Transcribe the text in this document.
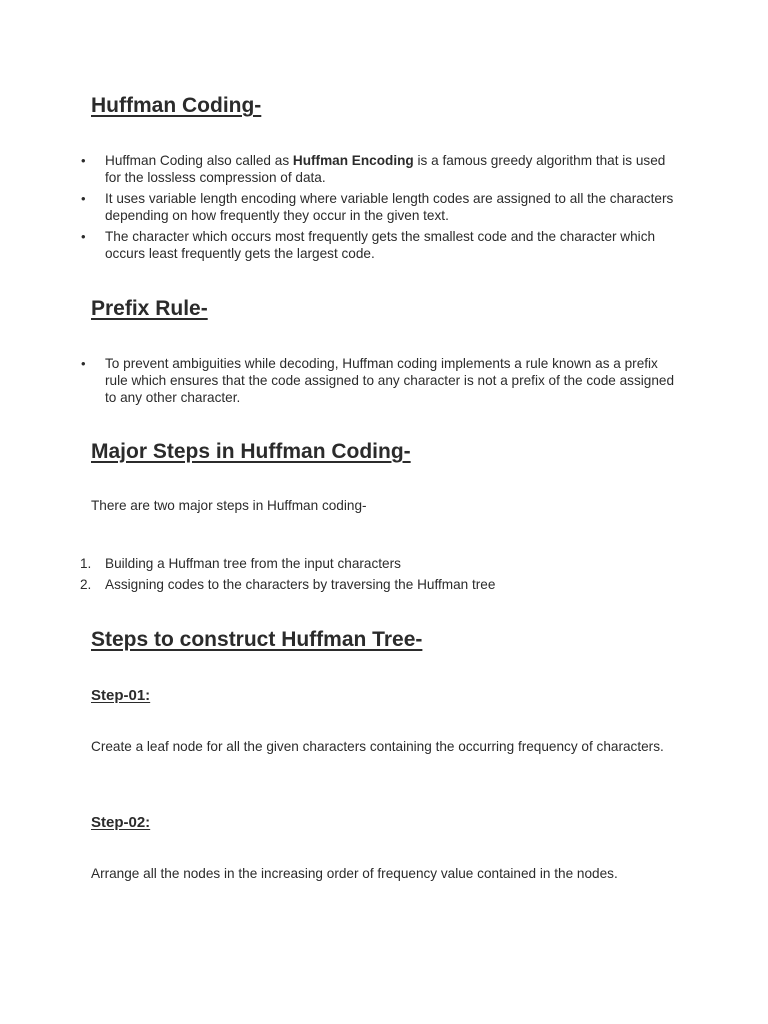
Huffman Coding-
• Huffman Coding also called as Huffman Encoding is a famous greedy algorithm that is used for the lossless compression of data.
• It uses variable length encoding where variable length codes are assigned to all the characters depending on how frequently they occur in the given text.
• The character which occurs most frequently gets the smallest code and the character which occurs least frequently gets the largest code.
Prefix Rule-
• To prevent ambiguities while decoding, Huffman coding implements a rule known as a prefix rule which ensures that the code assigned to any character is not a prefix of the code assigned to any other character.
Major Steps in Huffman Coding-

There are two major steps in Huffman coding-

1. Building a Huffman tree from the input characters
2. Assigning codes to the characters by traversing the Huffman tree
Steps to construct Huffman Tree-
Step-01:

Create a leaf node for all the given characters containing the occurring frequency of characters.

Step-02:

Arrange all the nodes in the increasing order of frequency value contained in the nodes.
